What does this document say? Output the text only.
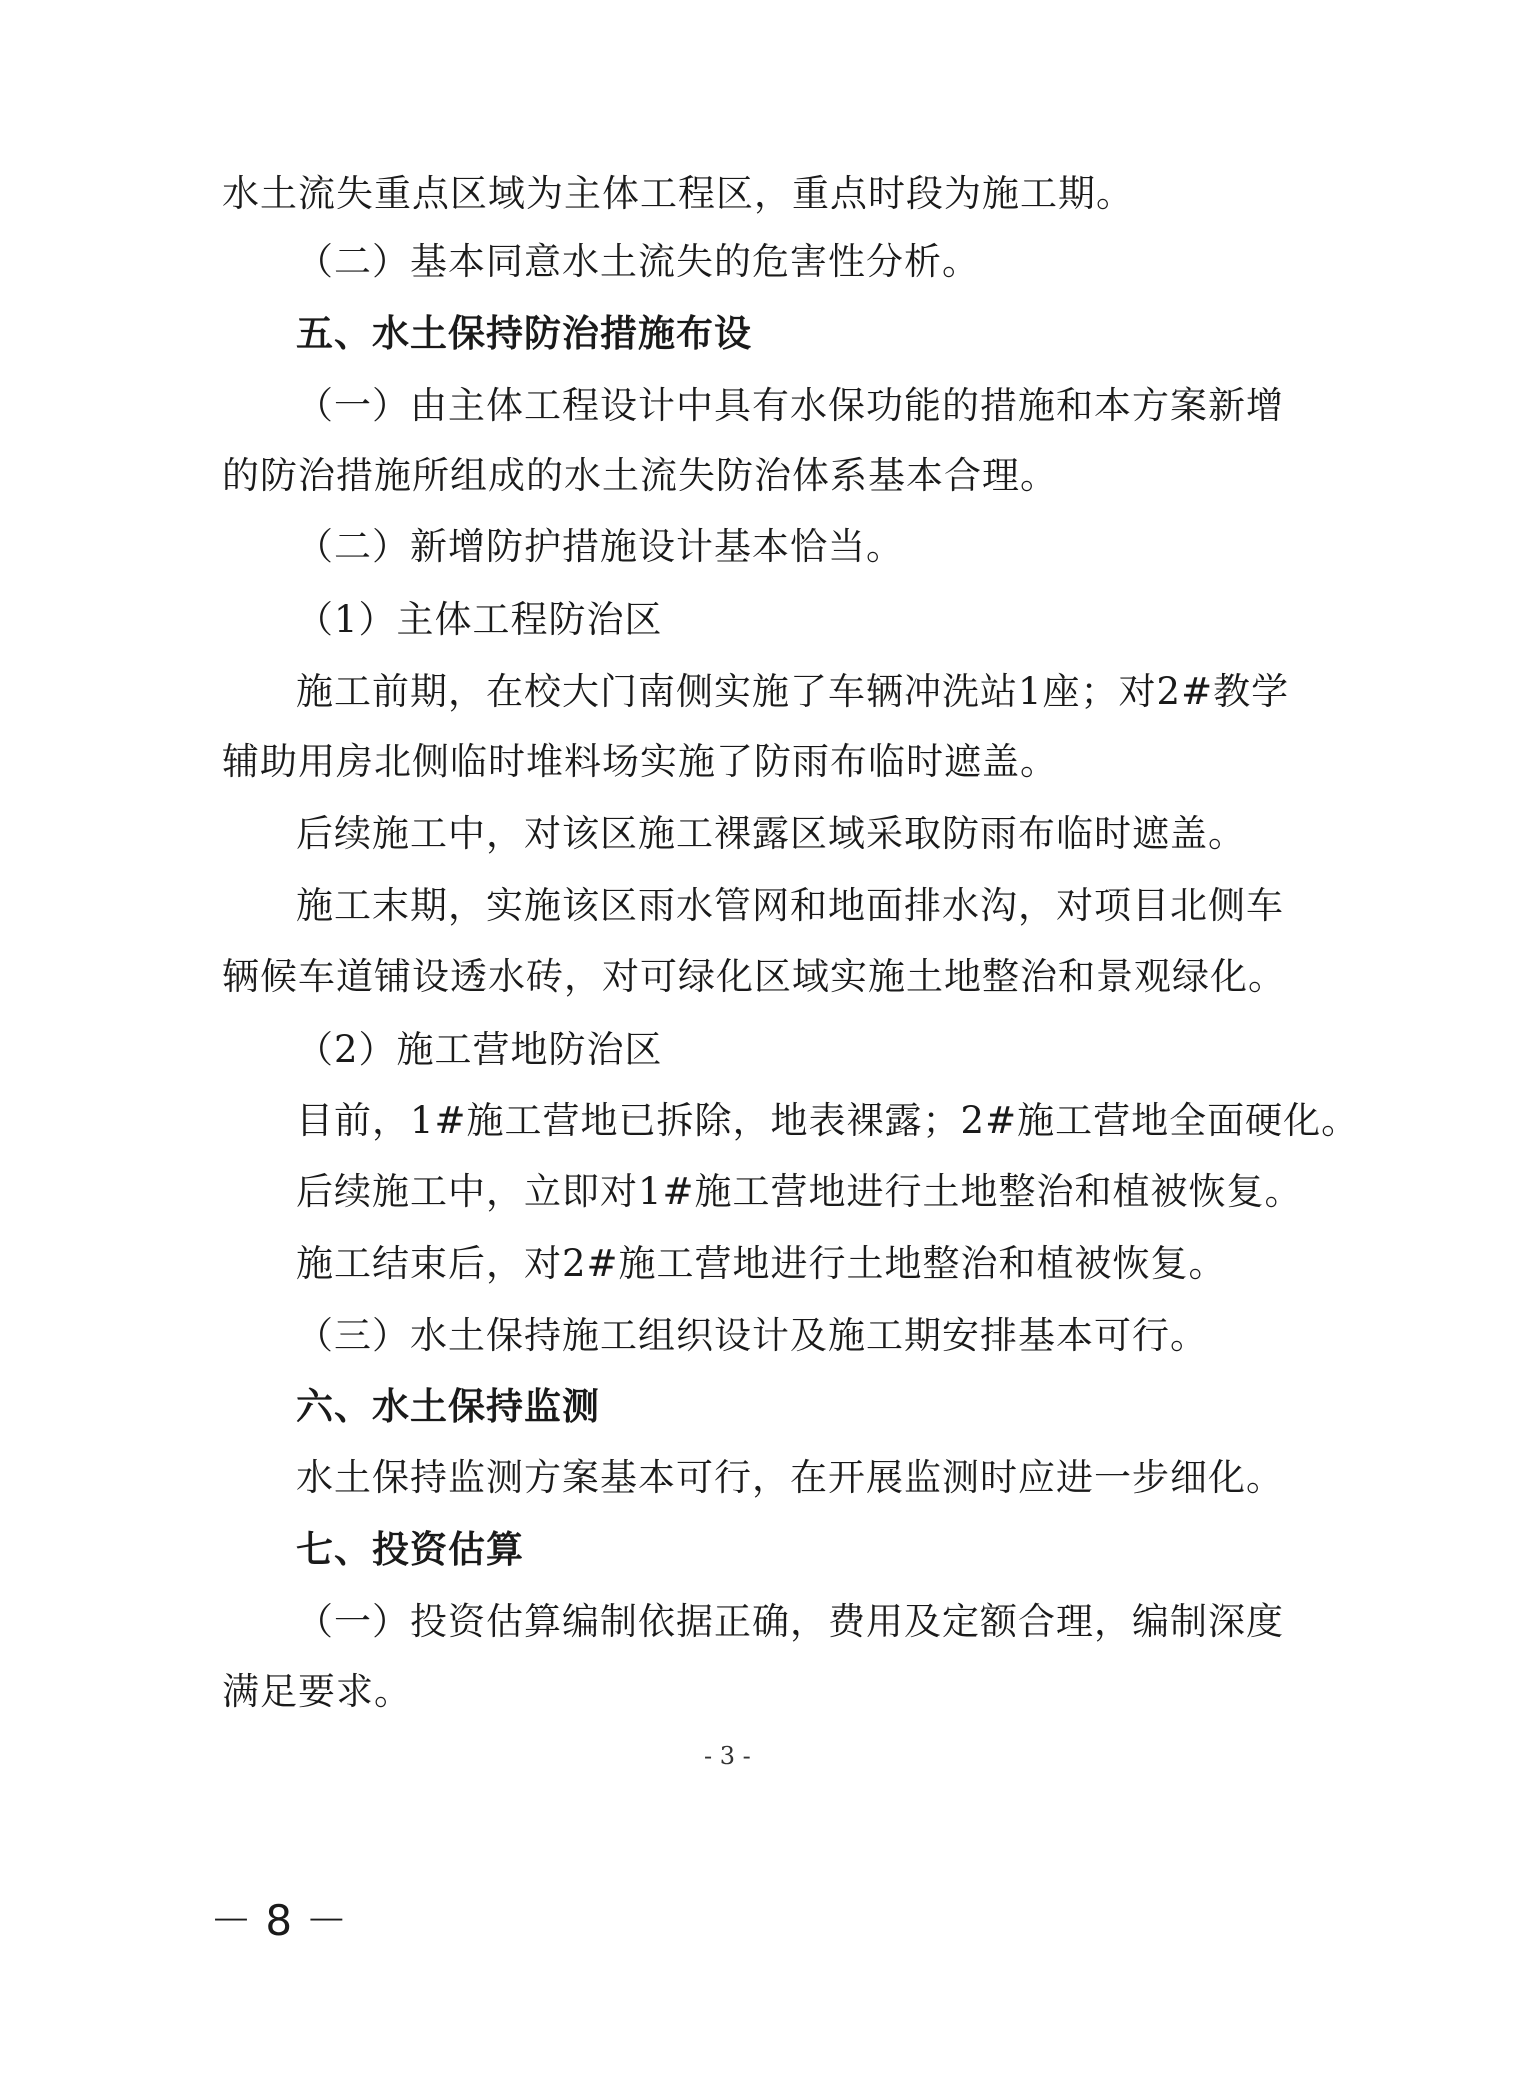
水土流失重点区域为主体工程区，重点时段为施工期。
（二）基本同意水土流失的危害性分析。
五、水土保持防治措施布设
（一）由主体工程设计中具有水保功能的措施和本方案新增
的防治措施所组成的水土流失防治体系基本合理。
（二）新增防护措施设计基本恰当。
（1）主体工程防治区
施工前期，在校大门南侧实施了车辆冲洗站1座；对2#教学
辅助用房北侧临时堆料场实施了防雨布临时遮盖。
后续施工中，对该区施工裸露区域采取防雨布临时遮盖。
施工末期，实施该区雨水管网和地面排水沟，对项目北侧车
辆候车道铺设透水砖，对可绿化区域实施土地整治和景观绿化。
（2）施工营地防治区
目前，1#施工营地已拆除，地表裸露；2#施工营地全面硬化。
后续施工中，立即对1#施工营地进行土地整治和植被恢复。
施工结束后，对2#施工营地进行土地整治和植被恢复。
（三）水土保持施工组织设计及施工期安排基本可行。
六、水土保持监测
水土保持监测方案基本可行，在开展监测时应进一步细化。
七、投资估算
（一）投资估算编制依据正确，费用及定额合理，编制深度
满足要求。
- 3 -
－ 8 －
